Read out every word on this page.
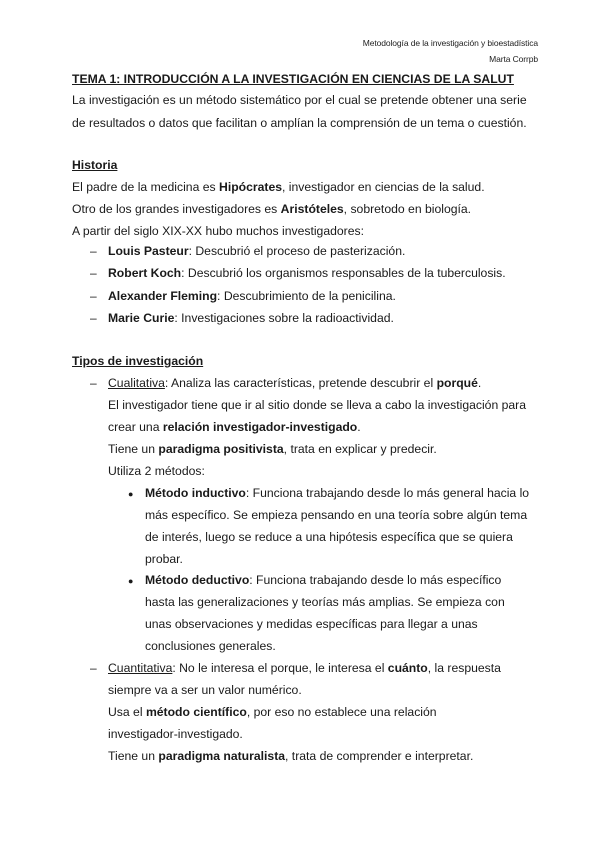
Metodología de la investigación y bioestadística
Marta Corrpb
TEMA 1: INTRODUCCIÓN A LA INVESTIGACIÓN EN CIENCIAS DE LA SALUT
La investigación es un método sistemático por el cual se pretende obtener una serie
de resultados o datos que facilitan o amplían la comprensión de un tema o cuestión.
Historia
El padre de la medicina es Hipócrates, investigador en ciencias de la salud.
Otro de los grandes investigadores es Aristóteles, sobretodo en biología.
A partir del siglo XIX-XX hubo muchos investigadores:
– Louis Pasteur: Descubrió el proceso de pasterización.
– Robert Koch: Descubrió los organismos responsables de la tuberculosis.
– Alexander Fleming: Descubrimiento de la penicilina.
– Marie Curie: Investigaciones sobre la radioactividad.
Tipos de investigación
– Cualitativa: Analiza las características, pretende descubrir el porqué.
El investigador tiene que ir al sitio donde se lleva a cabo la investigación para
crear una relación investigador-investigado.
Tiene un paradigma positivista, trata en explicar y predecir.
Utiliza 2 métodos:
● Método inductivo: Funciona trabajando desde lo más general hacia lo
más específico. Se empieza pensando en una teoría sobre algún tema
de interés, luego se reduce a una hipótesis específica que se quiera
probar.
● Método deductivo: Funciona trabajando desde lo más específico
hasta las generalizaciones y teorías más amplias. Se empieza con
unas observaciones y medidas específicas para llegar a unas
conclusiones generales.
– Cuantitativa: No le interesa el porque, le interesa el cuánto, la respuesta
siempre va a ser un valor numérico.
Usa el método científico, por eso no establece una relación
investigador-investigado.
Tiene un paradigma naturalista, trata de comprender e interpretar.
